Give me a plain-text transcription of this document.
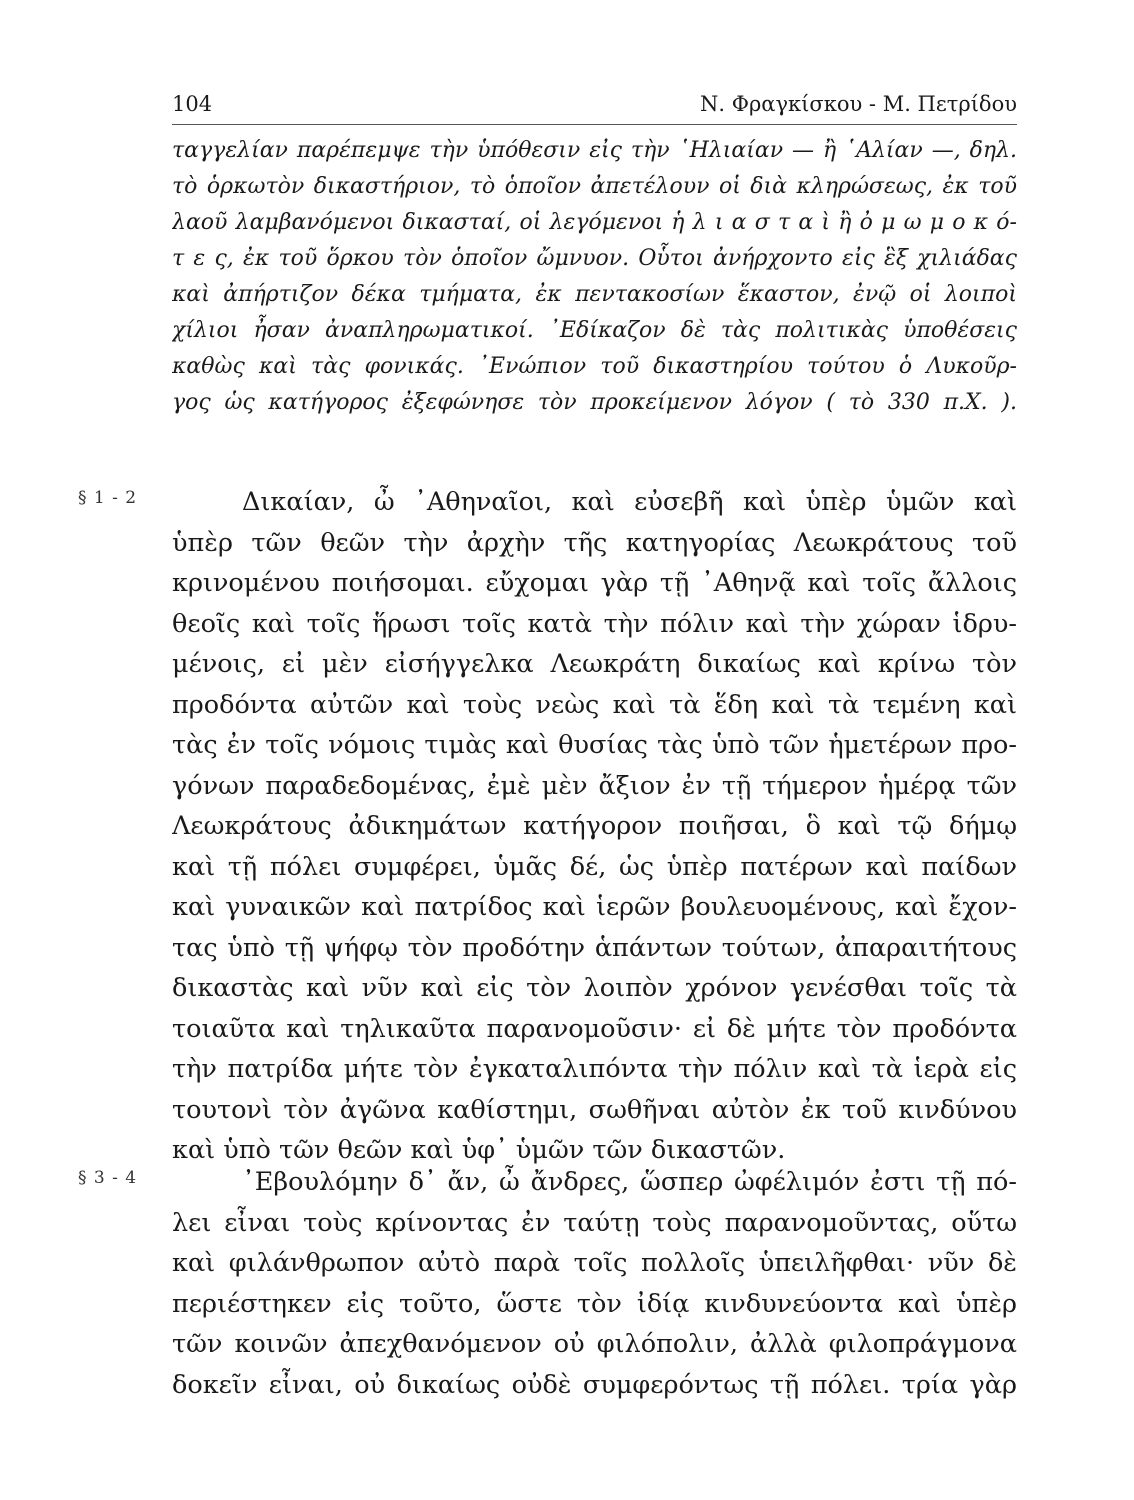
104	Ν. Φραγκίσκου - Μ. Πετρίδου
ταγγελίαν παρέπεμψε τὴν ὑπόθεσιν εἰς τὴν ῾Ηλιαίαν — ἢ ῾Αλίαν —, δηλ.
τὸ ὁρκωτὸν δικαστήριον, τὸ ὁποῖον ἀπετέλουν οἱ διὰ κληρώσεως, ἐκ τοῦ
λαοῦ λαμβανόμενοι δικασταί, οἱ λεγόμενοι ἡ λ ι α σ τ α ὶ ἢ ὀ μ ω μ ο κ ό-
τ ε ς, ἐκ τοῦ ὅρκου τὸν ὁποῖον ὤμνυον. Οὗτοι ἀνήρχοντο εἰς ἓξ χιλιάδας
καὶ ἀπήρτιζον δέκα τμήματα, ἐκ πεντακοσίων ἕκαστον, ἐνῷ οἱ λοιποὶ
χίλιοι ἦσαν ἀναπληρωματικοί. ᾿Εδίκαζον δὲ τὰς πολιτικὰς ὑποθέσεις
καθὼς καὶ τὰς φονικάς. ᾿Ενώπιον τοῦ δικαστηρίου τούτου ὁ Λυκοῦρ-
γος ὡς κατήγορος ἐξεφώνησε τὸν προκείμενον λόγον ( τὸ 330 π.Χ. ).
§ 1 - 2	Δικαίαν, ὦ ᾿Αθηναῖοι, καὶ εὐσεβῆ καὶ ὑπὲρ ὑμῶν καὶ
ὑπὲρ τῶν θεῶν τὴν ἀρχὴν τῆς κατηγορίας Λεωκράτους τοῦ
κρινομένου ποιήσομαι. εὔχομαι γὰρ τῇ ᾿Αθηνᾷ καὶ τοῖς ἄλλοις
θεοῖς καὶ τοῖς ἥρωσι τοῖς κατὰ τὴν πόλιν καὶ τὴν χώραν ἱδρυ-
μένοις, εἰ μὲν εἰσήγγελκα Λεωκράτη δικαίως καὶ κρίνω τὸν
προδόντα αὐτῶν καὶ τοὺς νεὼς καὶ τὰ ἕδη καὶ τὰ τεμένη καὶ
τὰς ἐν τοῖς νόμοις τιμὰς καὶ θυσίας τὰς ὑπὸ τῶν ἡμετέρων προ-
γόνων παραδεδομένας, ἐμὲ μὲν ἄξιον ἐν τῇ τήμερον ἡμέρᾳ τῶν
Λεωκράτους ἀδικημάτων κατήγορον ποιῆσαι, ὃ καὶ τῷ δήμῳ
καὶ τῇ πόλει συμφέρει, ὑμᾶς δέ, ὡς ὑπὲρ πατέρων καὶ παίδων
καὶ γυναικῶν καὶ πατρίδος καὶ ἱερῶν βουλευομένους, καὶ ἔχον-
τας ὑπὸ τῇ ψήφῳ τὸν προδότην ἁπάντων τούτων, ἀπαραιτήτους
δικαστὰς καὶ νῦν καὶ εἰς τὸν λοιπὸν χρόνον γενέσθαι τοῖς τὰ
τοιαῦτα καὶ τηλικαῦτα παρανομοῦσιν· εἰ δὲ μήτε τὸν προδόντα
τὴν πατρίδα μήτε τὸν ἐγκαταλιπόντα τὴν πόλιν καὶ τὰ ἱερὰ εἰς
τουτονὶ τὸν ἀγῶνα καθίστημι, σωθῆναι αὐτὸν ἐκ τοῦ κινδύνου
καὶ ὑπὸ τῶν θεῶν καὶ ὑφ᾿ ὑμῶν τῶν δικαστῶν.
§ 3 - 4	᾿Εβουλόμην δ᾿ ἄν, ὦ ἄνδρες, ὥσπερ ὠφέλιμόν ἐστι τῇ πό-
λει εἶναι τοὺς κρίνοντας ἐν ταύτῃ τοὺς παρανομοῦντας, οὕτω
καὶ φιλάνθρωπον αὐτὸ παρὰ τοῖς πολλοῖς ὑπειλῆφθαι· νῦν δὲ
περιέστηκεν εἰς τοῦτο, ὥστε τὸν ἰδίᾳ κινδυνεύοντα καὶ ὑπὲρ
τῶν κοινῶν ἀπεχθανόμενον οὐ φιλόπολιν, ἀλλὰ φιλοπράγμονα
δοκεῖν εἶναι, οὐ δικαίως οὐδὲ συμφερόντως τῇ πόλει. τρία γὰρ
